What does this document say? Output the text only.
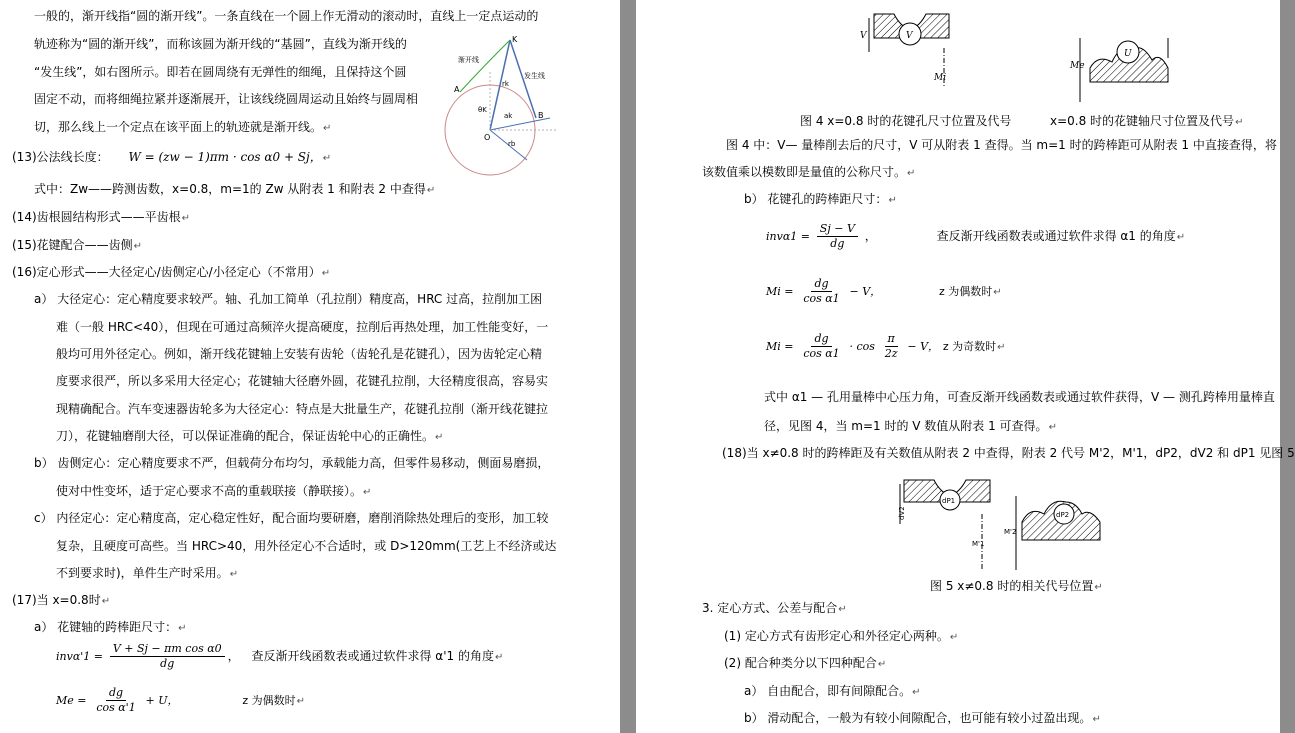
一般的，渐开线指“圆的渐开线”。一条直线在一个圆上作无滑动的滚动时，直线上一定点运动的
轨迹称为“圆的渐开线”，而称该圆为渐开线的“基圆”，直线为渐开线的
“发生线”，如右图所示。即若在圆周绕有无弹性的细绳，且保持这个圆
固定不动，而将细绳拉紧并逐渐展开，让该线绕圆周运动且始终与圆周相
切，那么线上一个定点在该平面上的轨迹就是渐开线。↵
渐开线
发生线
K
A
B
O
rk
rb
ak
θK
(13)公法线长度： W = (zw − 1)πm · cos α0 + Sj，↵
式中：Zw——跨测齿数，x=0.8，m=1的 Zw 从附表 1 和附表 2 中查得↵
(14)齿根圆结构形式——平齿根↵
(15)花键配合——齿侧↵
(16)定心形式——大径定心/齿侧定心/小径定心（不常用）↵
a） 大径定心：定心精度要求较严。轴、孔加工简单（孔拉削）精度高，HRC 过高，拉削加工困
难（一般 HRC<40），但现在可通过高频淬火提高硬度，拉削后再热处理，加工性能变好，一
般均可用外径定心。例如，渐开线花键轴上安装有齿轮（齿轮孔是花键孔），因为齿轮定心精
度要求很严，所以多采用大径定心；花键轴大径磨外圆，花键孔拉削，大径精度很高，容易实
现精确配合。汽车变速器齿轮多为大径定心：特点是大批量生产，花键孔拉削（渐开线花键拉
刀），花键轴磨削大径，可以保证准确的配合，保证齿轮中心的正确性。↵
b） 齿侧定心：定心精度要求不严，但载荷分布均匀，承载能力高，但零件易移动，侧面易磨损，
使对中性变坏，适于定心要求不高的重载联接（静联接）。↵
c） 内径定心：定心精度高，定心稳定性好，配合面均要研磨，磨削消除热处理后的变形，加工较
复杂，且硬度可高些。当 HRC>40，用外径定心不合适时，或 D>120mm(工艺上不经济或达
不到要求时)，单件生产时采用。↵
(17)当 x=0.8时↵
a） 花键轴的跨棒距尺寸：↵
$inv\alpha'1 = \frac{\text{V + Sj − πm cos α0}}{dg}$ ， 查反渐开线函数表或通过软件求得 α'1 的角度↵
$Me = \frac{dg}{\text{cos α'1}} + U$，	z 为偶数时↵
V
V
Mi
U
Me
图 4 x=0.8 时的花键孔尺寸位置及代号	x=0.8 时的花键轴尺寸位置及代号↵
图 4 中：V— 量棒削去后的尺寸，V 可从附表 1 查得。当 m=1 时的跨棒距可从附表 1 中直接查得，将
该数值乘以模数即是量值的公称尺寸。↵
b） 花键孔的跨棒距尺寸：↵
$inv\alpha 1 = \frac{Sj - V}{dg}$ ，	查反渐开线函数表或通过软件求得 α1 的角度↵
$Mi = \frac{dg}{\text{cos α1}} - V$，	z 为偶数时↵
$Mi = \frac{dg}{\text{cos α1}} \cdot \cos \frac{\pi}{2z} - V$， z 为奇数时↵
式中 α1 — 孔用量棒中心压力角，可查反渐开线函数表或通过软件获得，V — 测孔跨棒用量棒直
径，见图 4，当 m=1 时的 V 数值从附表 1 可查得。↵
(18)当 x≠0.8 时的跨棒距及有关数值从附表 2 中查得，附表 2 代号 M'2，M'1，dP2，dV2 和 dP1 见图 5
dV2
dP1
M'1
M'2
dP2
图 5 x≠0.8 时的相关代号位置↵
3. 定心方式、公差与配合↵
(1) 定心方式有齿形定心和外径定心两种。↵
(2) 配合种类分以下四种配合↵
a） 自由配合，即有间隙配合。↵
b） 滑动配合，一般为有较小间隙配合，也可能有较小过盈出现。↵
